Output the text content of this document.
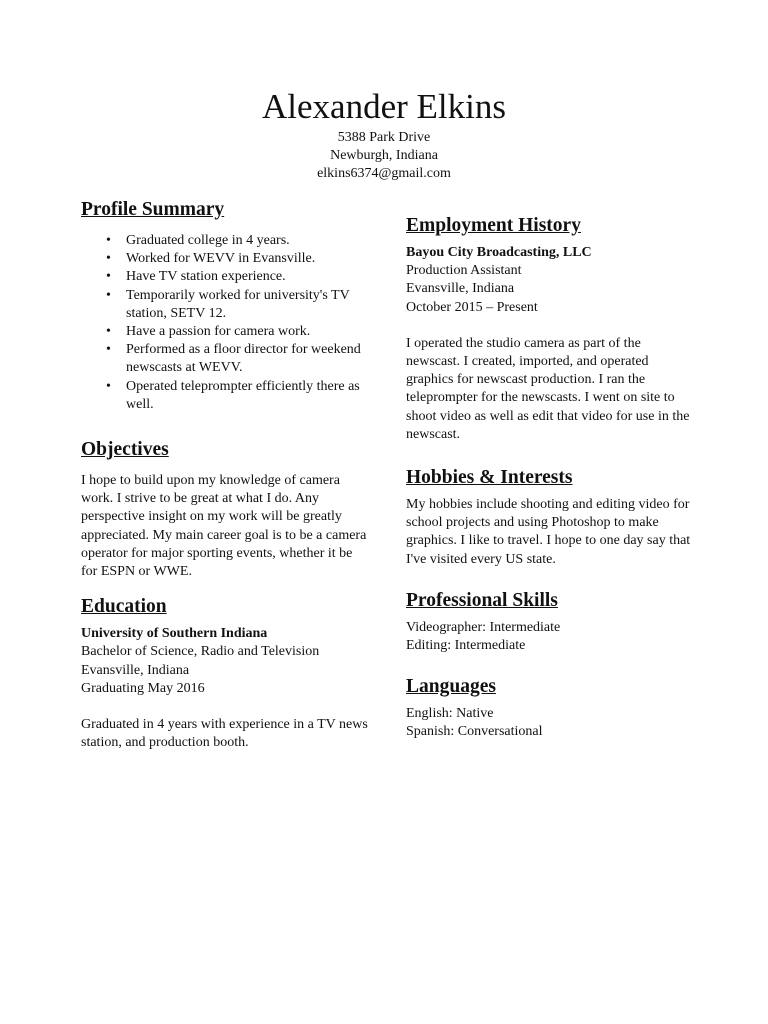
Alexander Elkins
5388 Park Drive
Newburgh, Indiana
elkins6374@gmail.com
Profile Summary
• Graduated college in 4 years.
• Worked for WEVV in Evansville.
• Have TV station experience.
• Temporarily worked for university's TV station, SETV 12.
• Have a passion for camera work.
• Performed as a floor director for weekend newscasts at WEVV.
• Operated teleprompter efficiently there as well.
Objectives

I hope to build upon my knowledge of camera work. I strive to be great at what I do. Any perspective insight on my work will be greatly appreciated. My main career goal is to be a camera operator for major sporting events, whether it be for ESPN or WWE.

Education

University of Southern Indiana

Bachelor of Science, Radio and Television

Evansville, Indiana

Graduating May 2016

Graduated in 4 years with experience in a TV news station, and production booth.

Employment History

Bayou City Broadcasting, LLC

Production Assistant

Evansville, Indiana

October 2015 – Present

I operated the studio camera as part of the newscast. I created, imported, and operated graphics for newscast production. I ran the teleprompter for the newscasts. I went on site to shoot video as well as edit that video for use in the newscast.

Hobbies & Interests

My hobbies include shooting and editing video for school projects and using Photoshop to make graphics. I like to travel. I hope to one day say that I've visited every US state.

Professional Skills

Videographer: Intermediate

Editing: Intermediate

Languages

English: Native

Spanish: Conversational
